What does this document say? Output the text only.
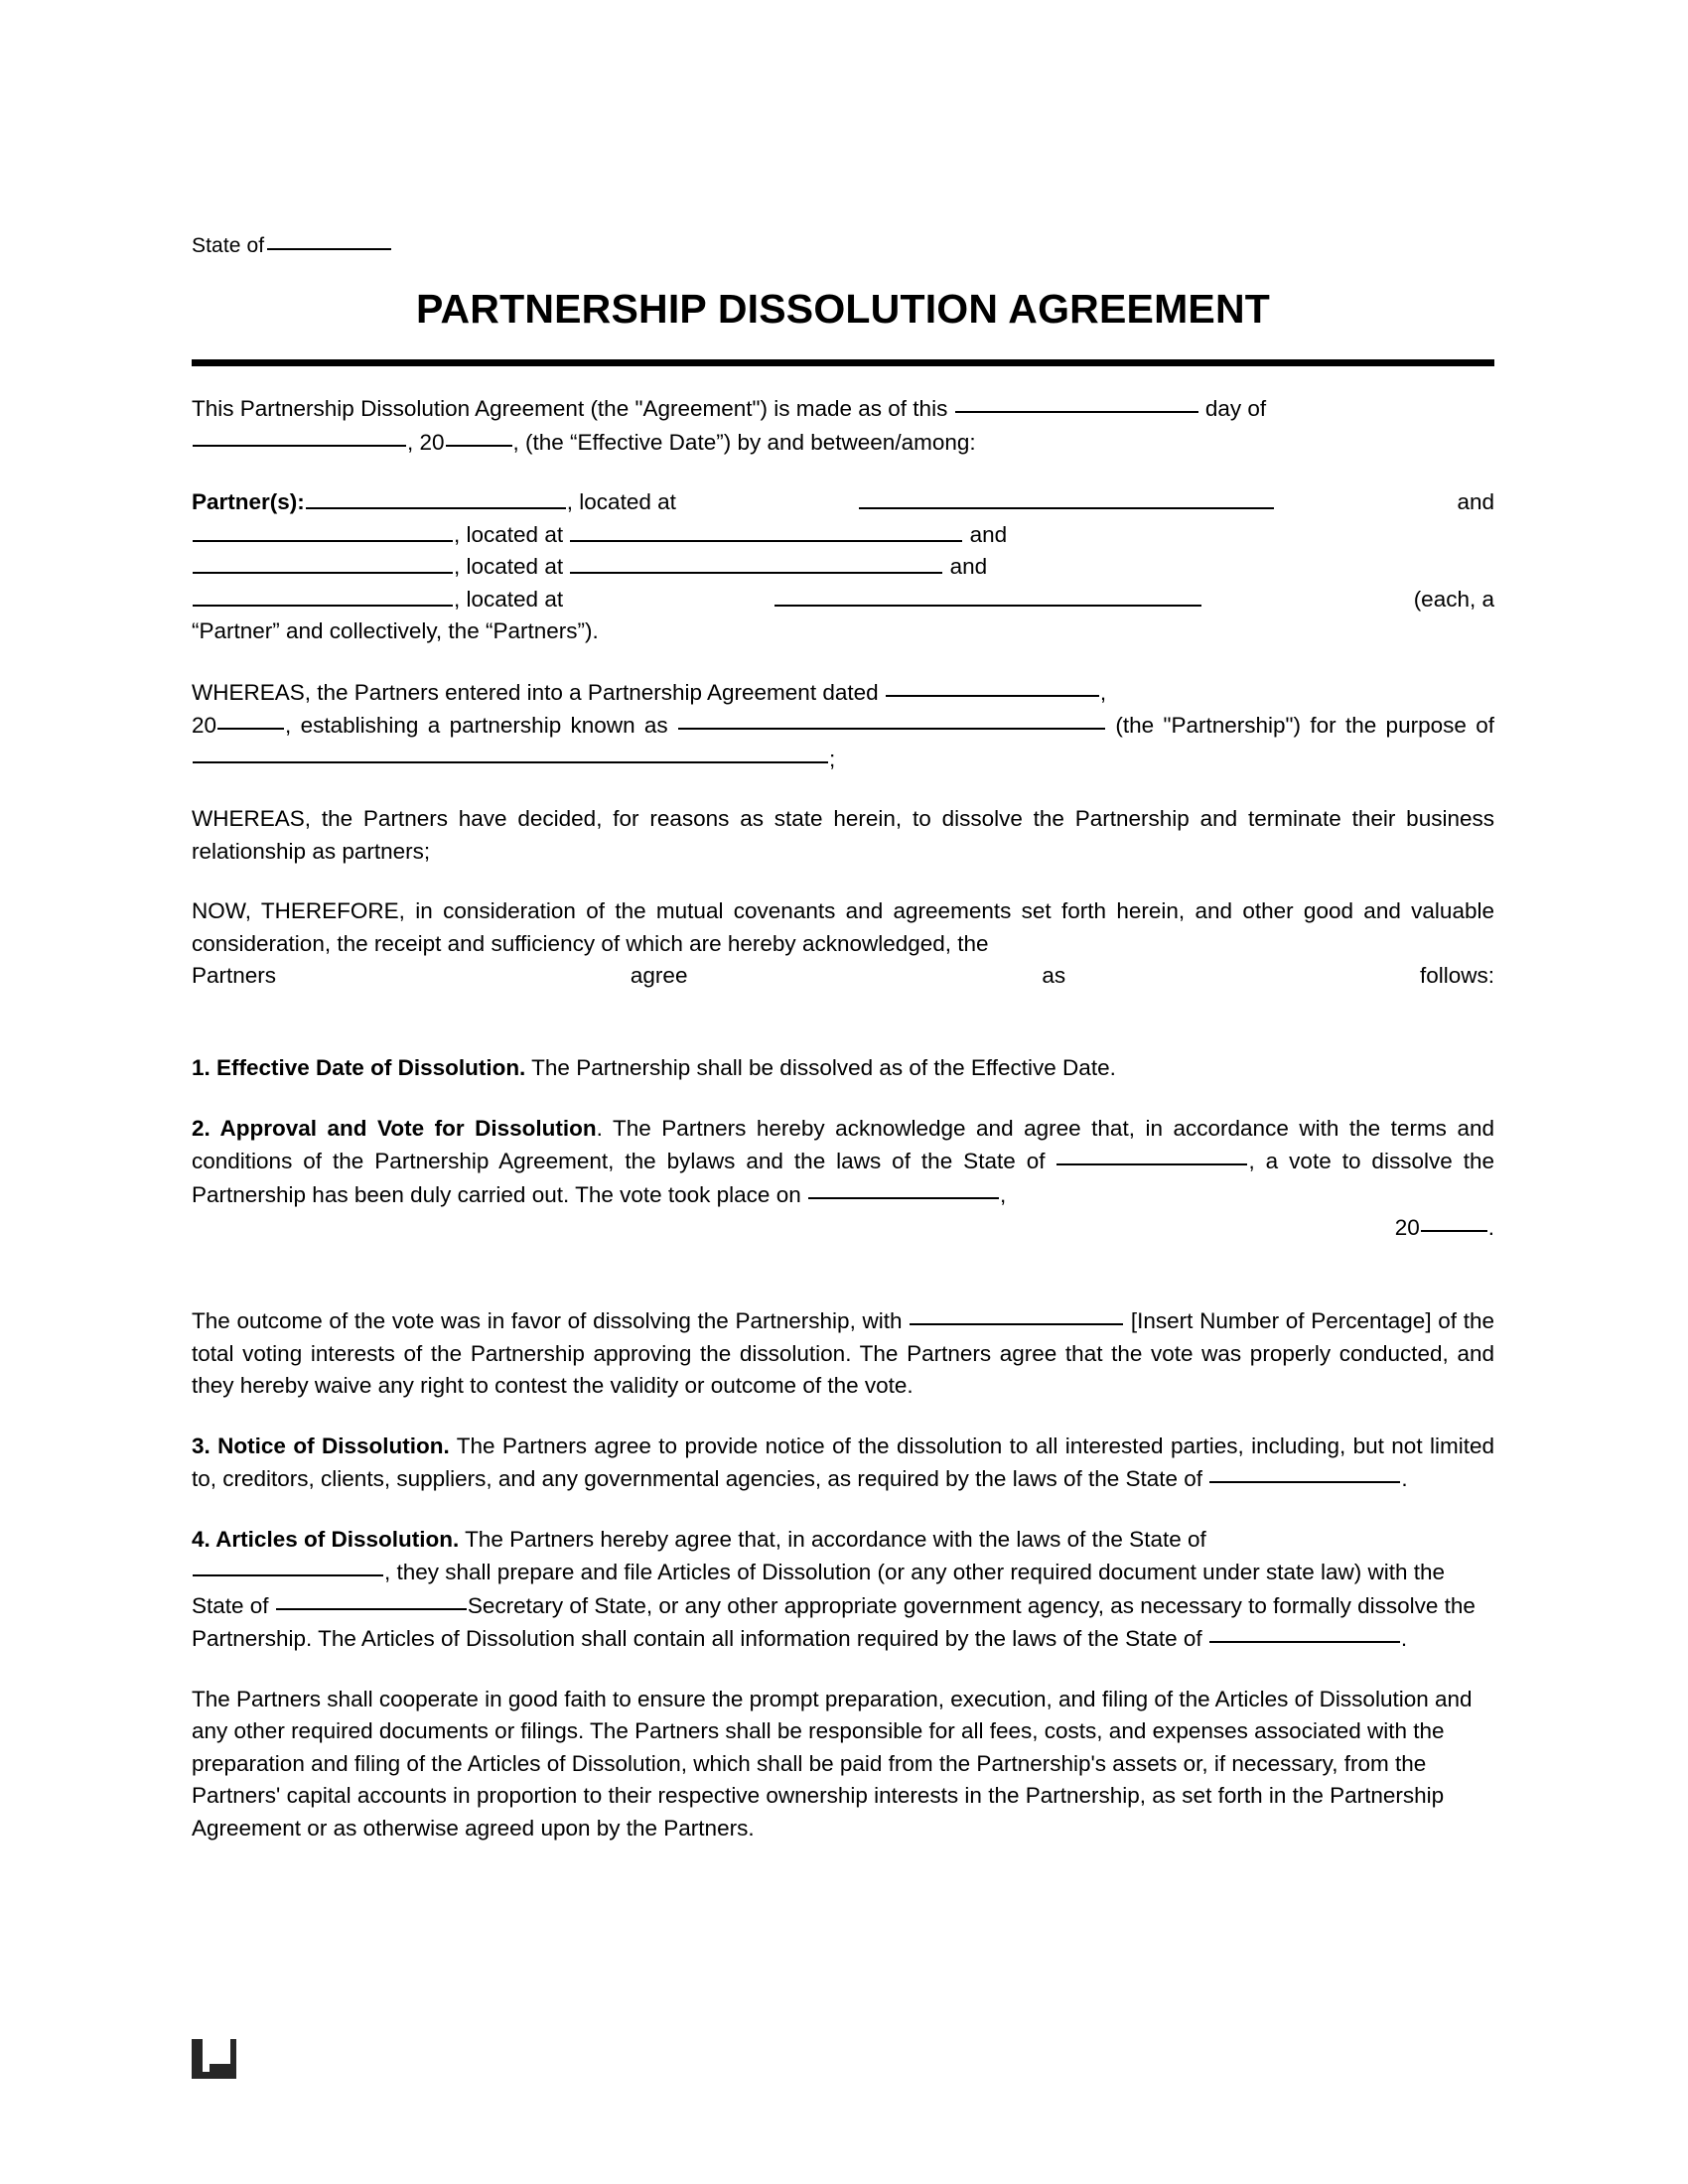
State of
PARTNERSHIP DISSOLUTION AGREEMENT

This Partnership Dissolution Agreement (the "Agreement") is made as of this	day of
, 20	, (the “Effective Date”) by and between/among:

Partner(s):	, located at	and
, located at

	and
, located at

	and
, located at	(each, a
“Partner” and collectively, the “Partners”).

WHEREAS, the Partners entered into a Partnership Agreement dated	,
20	, establishing a partnership known as	(the "Partnership") for the purpose of ;

WHEREAS, the Partners have decided, for reasons as state herein, to dissolve the Partnership and terminate their business relationship as partners;

NOW, THEREFORE, in consideration of the mutual covenants and agreements set forth herein, and other good and valuable consideration, the receipt and sufficiency of which are hereby acknowledged, the
Partners agree as follows:

1. Effective Date of Dissolution. The Partnership shall be dissolved as of the Effective Date.

2. Approval and Vote for Dissolution. The Partners hereby acknowledge and agree that, in accordance with the terms and conditions of the Partnership Agreement, the bylaws and the laws of the State of	, a vote to dissolve the Partnership has been duly carried out. The vote took place on	,

20	.

The outcome of the vote was in favor of dissolving the Partnership, with	[Insert Number of Percentage] of the total voting interests of the Partnership approving the dissolution. The Partners agree that the vote was properly conducted, and they hereby waive any right to contest the validity or outcome of the vote.

3. Notice of Dissolution. The Partners agree to provide notice of the dissolution to all interested parties, including, but not limited to, creditors, clients, suppliers, and any governmental agencies, as required by the laws of the State of	.

4. Articles of Dissolution. The Partners hereby agree that, in accordance with the laws of the State of
, they shall prepare and file Articles of Dissolution (or any other required document under state law) with the State of	Secretary of State, or any other appropriate government agency, as necessary to formally dissolve the Partnership. The Articles of Dissolution shall contain all information required by the laws of the State of	.

The Partners shall cooperate in good faith to ensure the prompt preparation, execution, and filing of the Articles of Dissolution and any other required documents or filings. The Partners shall be responsible for all fees, costs, and expenses associated with the preparation and filing of the Articles of Dissolution, which shall be paid from the Partnership's assets or, if necessary, from the Partners' capital accounts in proportion to their respective ownership interests in the Partnership, as set forth in the Partnership Agreement or as otherwise agreed upon by the Partners.
